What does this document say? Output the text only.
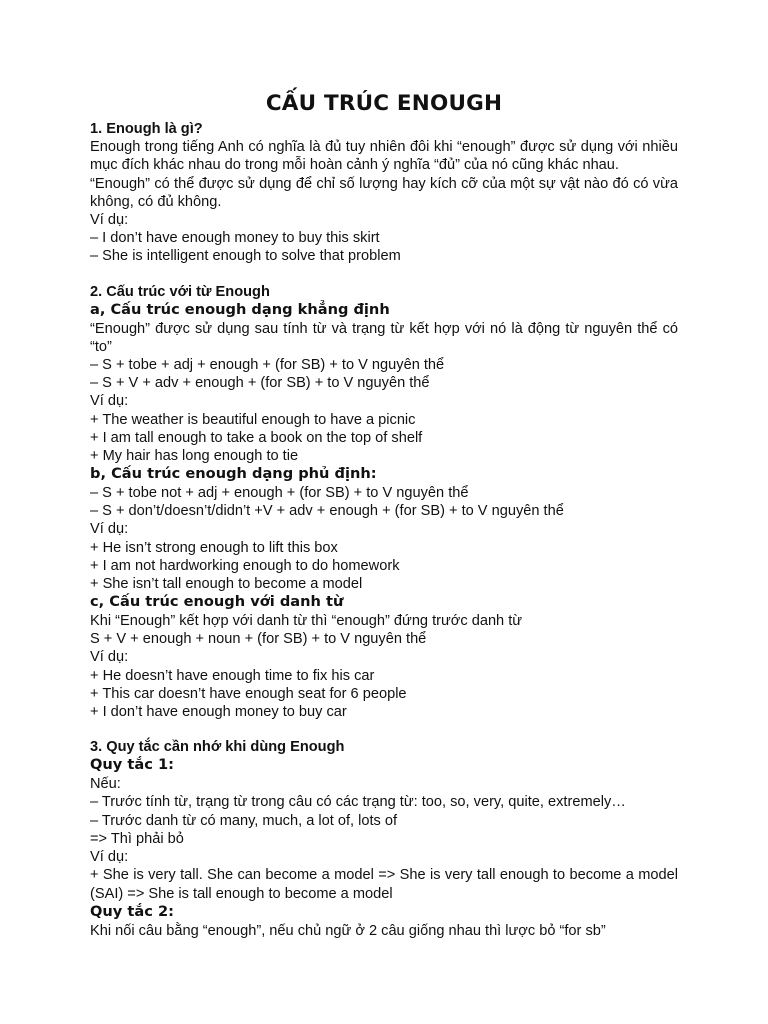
CẤU TRÚC ENOUGH

1. Enough là gì?

Enough trong tiếng Anh có nghĩa là đủ tuy nhiên đôi khi “enough” được sử dụng với nhiều mục đích khác nhau do trong mỗi hoàn cảnh ý nghĩa “đủ” của nó cũng khác nhau.

“Enough” có thể được sử dụng để chỉ số lượng hay kích cỡ của một sự vật nào đó có vừa không, có đủ không.

Ví dụ:

– I don’t have enough money to buy this skirt

– She is intelligent enough to solve that problem

2. Cấu trúc với từ Enough

a, Cấu trúc enough dạng khẳng định

“Enough” được sử dụng sau tính từ và trạng từ kết hợp với nó là động từ nguyên thể có “to”

– S + tobe + adj + enough + (for SB) + to V nguyên thể

– S + V + adv + enough + (for SB) + to V nguyên thể

Ví dụ:

+ The weather is beautiful enough to have a picnic

+ I am tall enough to take a book on the top of shelf

+ My hair has long enough to tie

b, Cấu trúc enough dạng phủ định:

– S + tobe not + adj + enough + (for SB) + to V nguyên thể

– S + don’t/doesn’t/didn’t +V + adv + enough + (for SB) + to V nguyên thể

Ví dụ:

+ He isn’t strong enough to lift this box

+ I am not hardworking enough to do homework

+ She isn’t tall enough to become a model

c, Cấu trúc enough với danh từ

Khi “Enough” kết hợp với danh từ thì “enough” đứng trước danh từ

S + V + enough + noun + (for SB) + to V nguyên thể

Ví dụ:

+ He doesn’t have enough time to fix his car

+ This car doesn’t have enough seat for 6 people

+ I don’t have enough money to buy car

3. Quy tắc cần nhớ khi dùng Enough

Quy tắc 1:

Nếu:

– Trước tính từ, trạng từ trong câu có các trạng từ: too, so, very, quite, extremely…

– Trước danh từ có many, much, a lot of, lots of

=> Thì phải bỏ

Ví dụ:

+ She is very tall. She can become a model => She is very tall enough to become a model (SAI) => She is tall enough to become a model

Quy tắc 2:

Khi nối câu bằng “enough”, nếu chủ ngữ ở 2 câu giống nhau thì lược bỏ “for sb”
